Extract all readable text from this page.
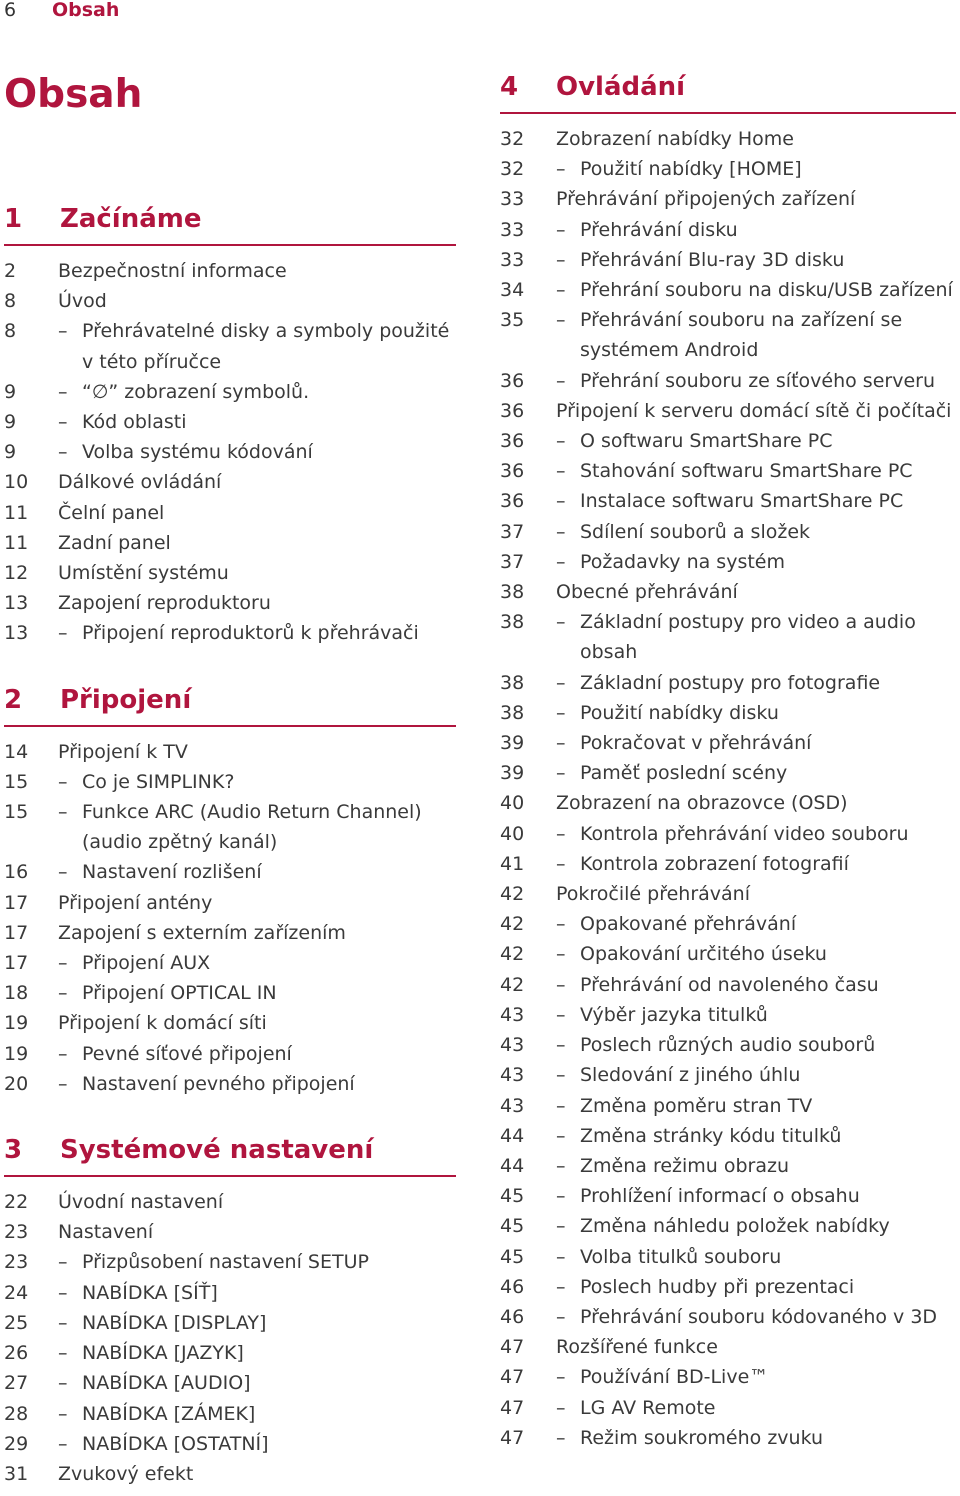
6 Obsah
Obsah
1 Začínáme
2	Bezpečnostní informace
8	Úvod
8	– Přehrávatelné disky a symboly použité v této příručce
9	– “∅” zobrazení symbolů.
9	– Kód oblasti
9	– Volba systému kódování
10	Dálkové ovládání
11	Čelní panel
11	Zadní panel
12	Umístění systému
13	Zapojení reproduktoru
13	– Připojení reproduktorů k přehrávači
2 Připojení
14	Připojení k TV
15	– Co je SIMPLINK?
15	– Funkce ARC (Audio Return Channel) (audio zpětný kanál)
16	– Nastavení rozlišení
17	Připojení antény
17	Zapojení s externím zařízením
17	– Připojení AUX
18	– Připojení OPTICAL IN
19	Připojení k domácí síti
19	– Pevné síťové připojení
20	– Nastavení pevného připojení
3 Systémové nastavení
22	Úvodní nastavení
23	Nastavení
23	– Přizpůsobení nastavení SETUP
24	– NABÍDKA [SÍŤ]
25	– NABÍDKA [DISPLAY]
26	– NABÍDKA [JAZYK]
27	– NABÍDKA [AUDIO]
28	– NABÍDKA [ZÁMEK]
29	– NABÍDKA [OSTATNÍ]
31	Zvukový efekt
4 Ovládání
32	Zobrazení nabídky Home
32	– Použití nabídky [HOME]
33	Přehrávání připojených zařízení
33	– Přehrávání disku
33	– Přehrávání Blu-ray 3D disku
34	– Přehrání souboru na disku/USB zařízení
35	– Přehrávání souboru na zařízení se systémem Android
36	– Přehrání souboru ze síťového serveru
36	Připojení k serveru domácí sítě či počítači
36	– O softwaru SmartShare PC
36	– Stahování softwaru SmartShare PC
36	– Instalace softwaru SmartShare PC
37	– Sdílení souborů a složek
37	– Požadavky na systém
38	Obecné přehrávání
38	– Základní postupy pro video a audio obsah
38	– Základní postupy pro fotografie
38	– Použití nabídky disku
39	– Pokračovat v přehrávání
39	– Paměť poslední scény
40	Zobrazení na obrazovce (OSD)
40	– Kontrola přehrávání video souboru
41	– Kontrola zobrazení fotografií
42	Pokročilé přehrávání
42	– Opakované přehrávání
42	– Opakování určitého úseku
42	– Přehrávání od navoleného času
43	– Výběr jazyka titulků
43	– Poslech různých audio souborů
43	– Sledování z jiného úhlu
43	– Změna poměru stran TV
44	– Změna stránky kódu titulků
44	– Změna režimu obrazu
45	– Prohlížení informací o obsahu
45	– Změna náhledu položek nabídky
45	– Volba titulků souboru
46	– Poslech hudby při prezentaci
46	– Přehrávání souboru kódovaného v 3D
47	Rozšířené funkce
47	– Používání BD-Live™
47	– LG AV Remote
47	– Režim soukromého zvuku
